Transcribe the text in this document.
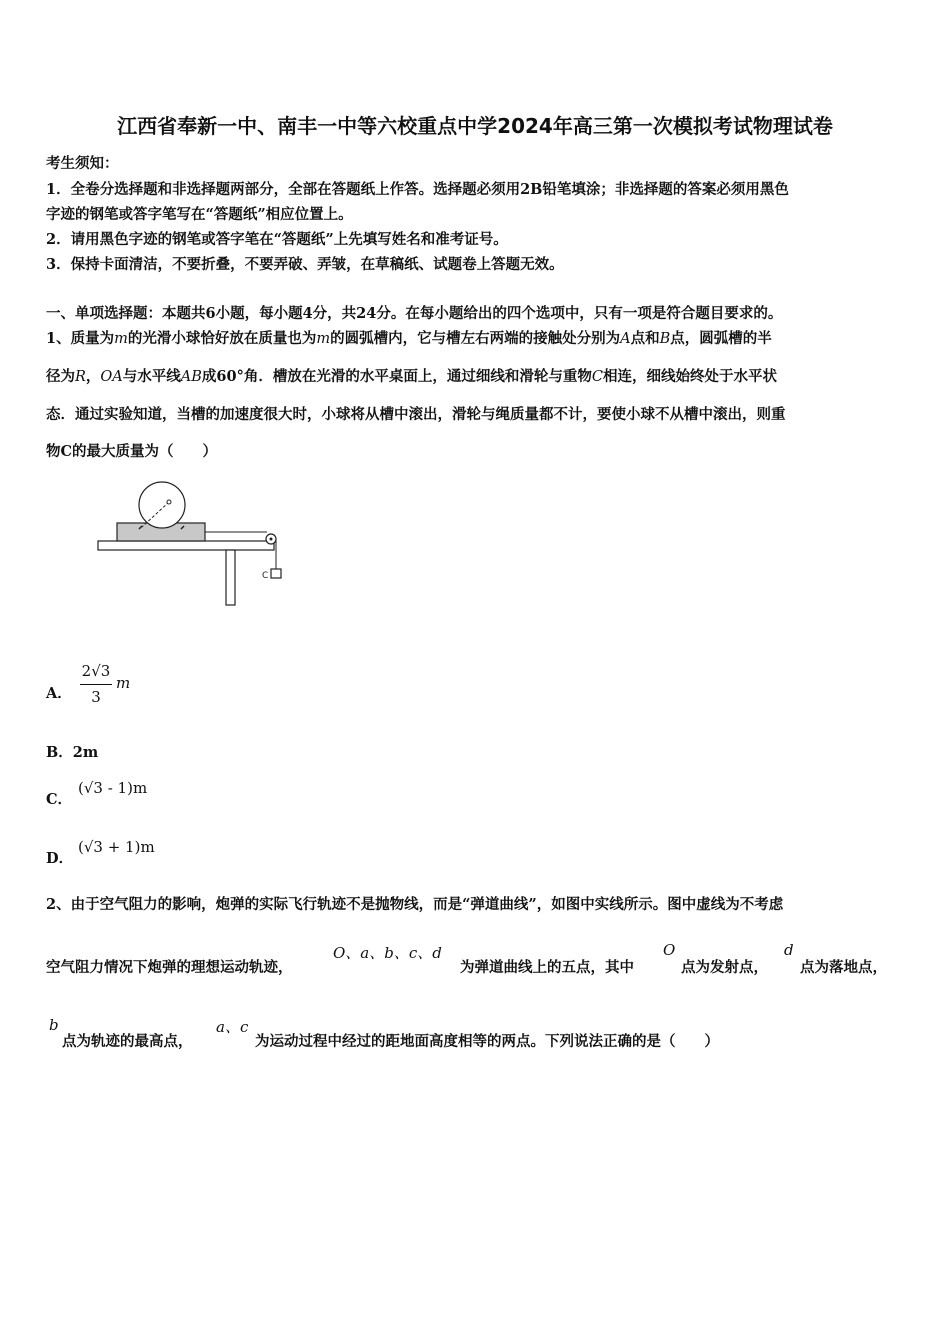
江西省奉新一中、南丰一中等六校重点中学2024年高三第一次模拟考试物理试卷
考生须知：
1．全卷分选择题和非选择题两部分，全部在答题纸上作答。选择题必须用2B铅笔填涂；非选择题的答案必须用黑色
字迹的钢笔或答字笔写在“答题纸”相应位置上。
2．请用黑色字迹的钢笔或答字笔在“答题纸”上先填写姓名和准考证号。
3．保持卡面清洁，不要折叠，不要弄破、弄皱，在草稿纸、试题卷上答题无效。
一、单项选择题：本题共6小题，每小题4分，共24分。在每小题给出的四个选项中，只有一项是符合题目要求的。
1、质量为m的光滑小球恰好放在质量也为m的圆弧槽内，它与槽左右两端的接触处分别为A点和B点，圆弧槽的半
径为R，OA与水平线AB成60°角．槽放在光滑的水平桌面上，通过细线和滑轮与重物C相连，细线始终处于水平状
态．通过实验知道，当槽的加速度很大时，小球将从槽中滚出，滑轮与绳质量都不计，要使小球不从槽中滚出，则重
物C的最大质量为（　　）
C
A．
2√3
3
m
B．2m
C．
(√3 - 1)m
D．
(√3 + 1)m
2、由于空气阻力的影响，炮弹的实际飞行轨迹不是抛物线，而是“弹道曲线”，如图中实线所示。图中虚线为不考虑
空气阻力情况下炮弹的理想运动轨迹，
O、a、b、c、d
为弹道曲线上的五点，其中
O
点为发射点，
d
点为落地点，
b
点为轨迹的最高点，
a、c
为运动过程中经过的距地面高度相等的两点。下列说法正确的是（　　）
